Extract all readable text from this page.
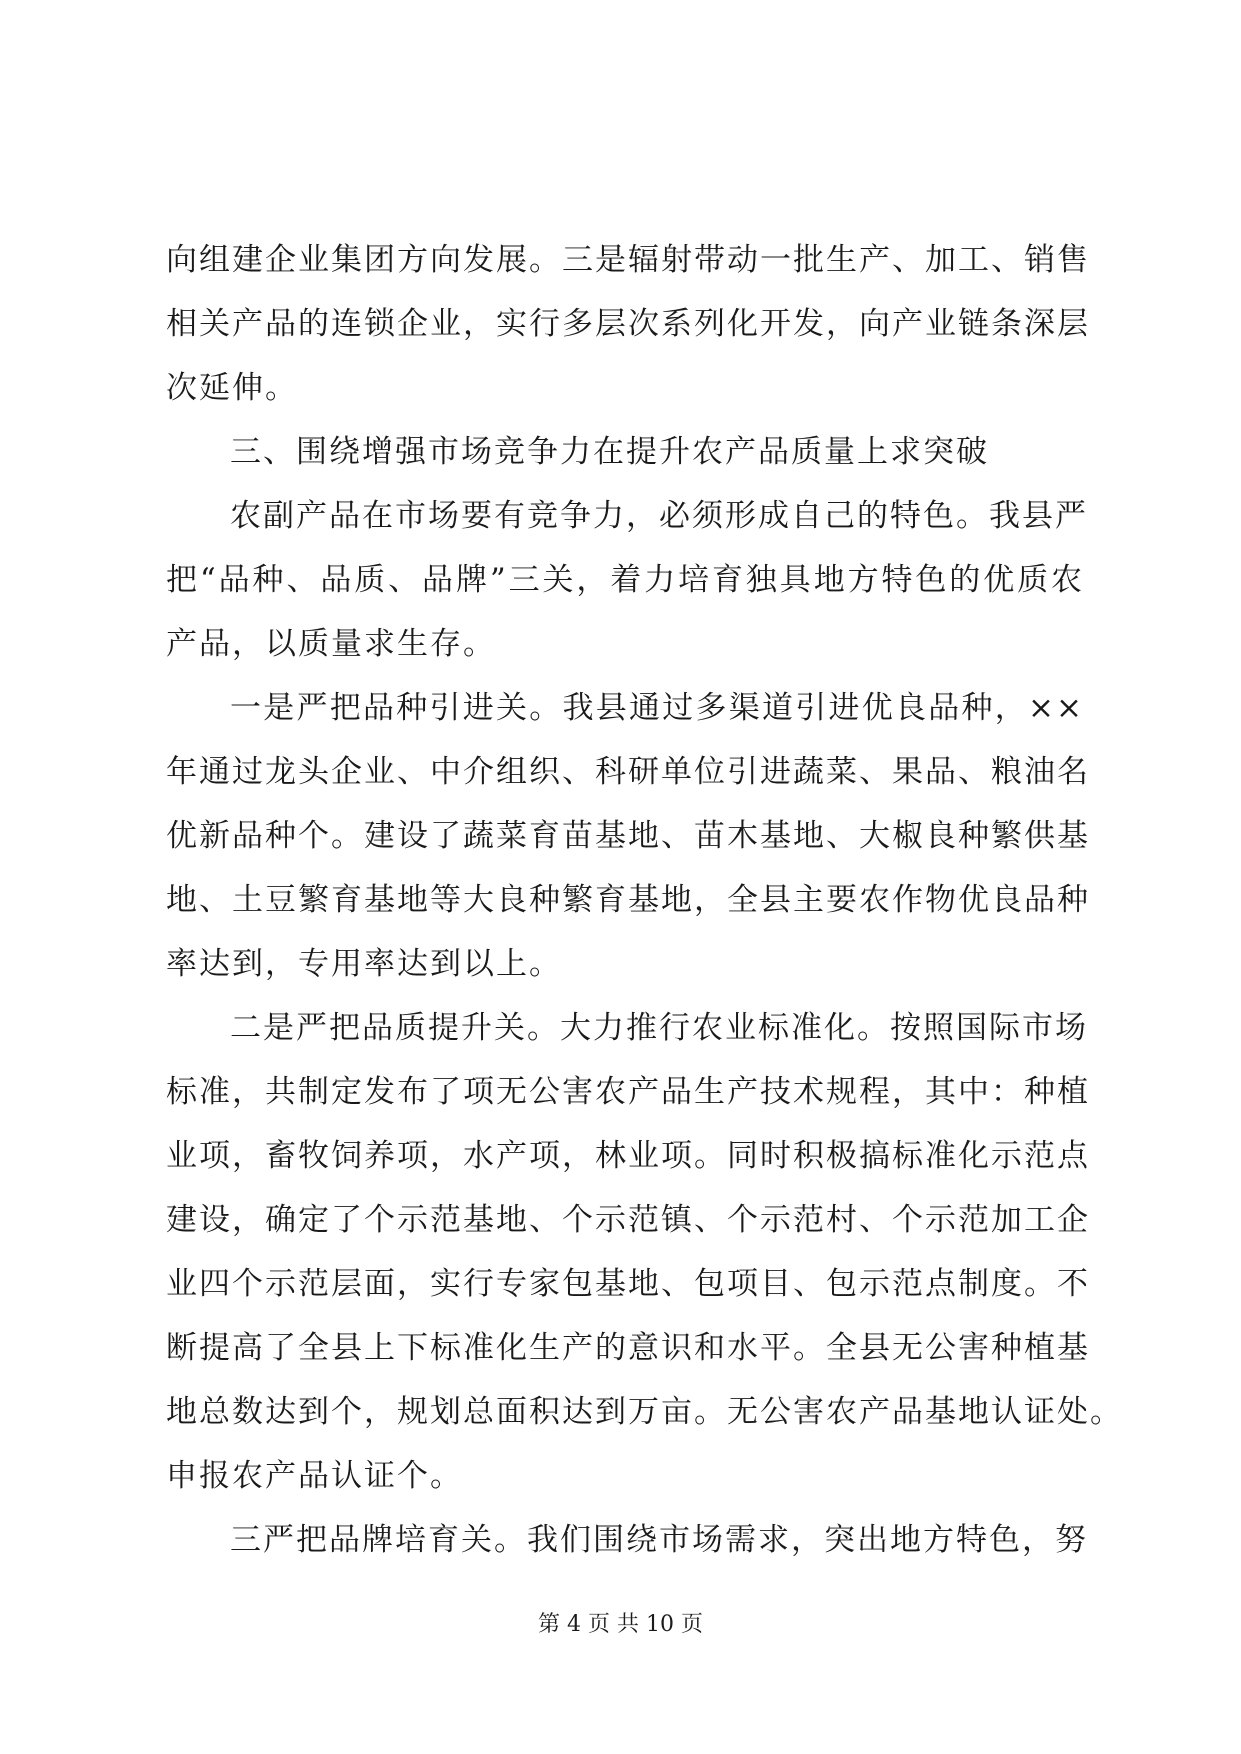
向组建企业集团方向发展。三是辐射带动一批生产、加工、销售
相关产品的连锁企业，实行多层次系列化开发，向产业链条深层
次延伸。
三、围绕增强市场竞争力在提升农产品质量上求突破
农副产品在市场要有竞争力，必须形成自己的特色。我县严
把“品种、品质、品牌”三关，着力培育独具地方特色的优质农
产品，以质量求生存。
一是严把品种引进关。我县通过多渠道引进优良品种，××
年通过龙头企业、中介组织、科研单位引进蔬菜、果品、粮油名
优新品种个。建设了蔬菜育苗基地、苗木基地、大椒良种繁供基
地、土豆繁育基地等大良种繁育基地，全县主要农作物优良品种
率达到，专用率达到以上。
二是严把品质提升关。大力推行农业标准化。按照国际市场
标准，共制定发布了项无公害农产品生产技术规程，其中：种植
业项，畜牧饲养项，水产项，林业项。同时积极搞标准化示范点
建设，确定了个示范基地、个示范镇、个示范村、个示范加工企
业四个示范层面，实行专家包基地、包项目、包示范点制度。不
断提高了全县上下标准化生产的意识和水平。全县无公害种植基
地总数达到个，规划总面积达到万亩。无公害农产品基地认证处。
申报农产品认证个。
三严把品牌培育关。我们围绕市场需求，突出地方特色，努
第 4 页 共 10 页
